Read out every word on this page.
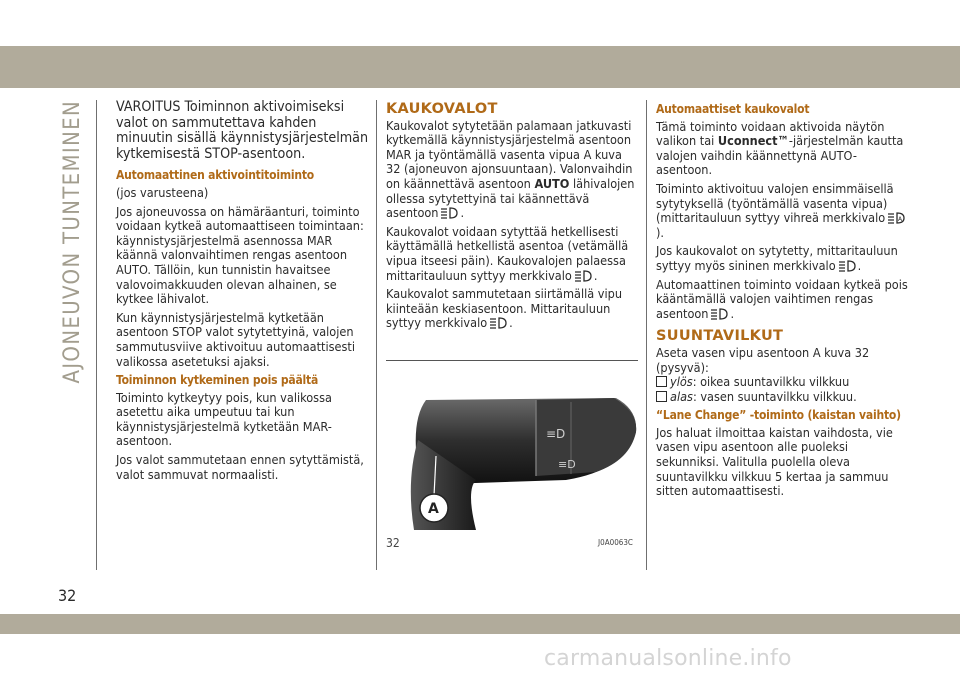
AJONEUVON TUNTEMINEN VAROITUS Toiminnon aktivoimiseksi valot on sammutettava kahden minuutin sisällä käynnistysjärjestelmän kytkemisestä STOP-asentoon.

Automaattinen aktivointitoiminto

(jos varusteena)

Jos ajoneuvossa on hämäräanturi, toiminto voidaan kytkeä automaattiseen toimintaan: käynnistysjärjestelmä asennossa MAR käännä valonvaihtimen rengas asentoon AUTO. Tällöin, kun tunnistin havaitsee valovoimakkuuden olevan alhainen, se kytkee lähivalot.

Kun käynnistysjärjestelmä kytketään asentoon STOP valot sytytettyinä, valojen sammutusviive aktivoituu automaattisesti valikossa asetetuksi ajaksi.

Toiminnon kytkeminen pois päältä

Toiminto kytkeytyy pois, kun valikossa asetettu aika umpeutuu tai kun käynnistysjärjestelmä kytketään MAR-asentoon.

Jos valot sammutetaan ennen sytyttämistä, valot sammuvat normaalisti.

KAUKOVALOT

Kaukovalot sytytetään palamaan jatkuvasti kytkemällä käynnistysjärjestelmä asentoon MAR ja työntämällä vasenta vipua A kuva 32 (ajoneuvon ajonsuuntaan). Valonvaihdin on käännettävä asentoon AUTO lähivalojen ollessa sytytettyinä tai käännettävä asentoon .

Kaukovalot voidaan sytyttää hetkellisesti käyttämällä hetkellistä asentoa (vetämällä vipua itseesi päin). Kaukovalojen palaessa mittaritauluun syttyy merkkivalo .

Kaukovalot sammutetaan siirtämällä vipu kiinteään keskiasentoon. Mittaritauluun syttyy merkkivalo .

≡D
≡D
A
32	J0A0063C
Automaattiset kaukovalot

Tämä toiminto voidaan aktivoida näytön valikon tai Uconnect™-järjestelmän kautta valojen vaihdin käännettynä AUTO-asentoon.

Toiminto aktivoituu valojen ensimmäisellä sytytyksellä (työntämällä vasenta vipua) (mittaritauluun syttyy vihreä merkkivalo A
).

Jos kaukovalot on sytytetty, mittaritauluun syttyy myös sininen merkkivalo .

Automaattinen toiminto voidaan kytkeä pois kääntämällä valojen vaihtimen rengas asentoon .

SUUNTAVILKUT

Aseta vasen vipu asentoon A kuva 32 (pysyvä):

ylös: oikea suuntavilkku vilkkuu
alas: vasen suuntavilkku vilkkuu.
“Lane Change” -toiminto (kaistan vaihto)

Jos haluat ilmoittaa kaistan vaihdosta, vie vasen vipu asentoon alle puoleksi sekunniksi. Valitulla puolella oleva suuntavilkku vilkkuu 5 kertaa ja sammuu sitten automaattisesti.

32
carmanualsonline.info
